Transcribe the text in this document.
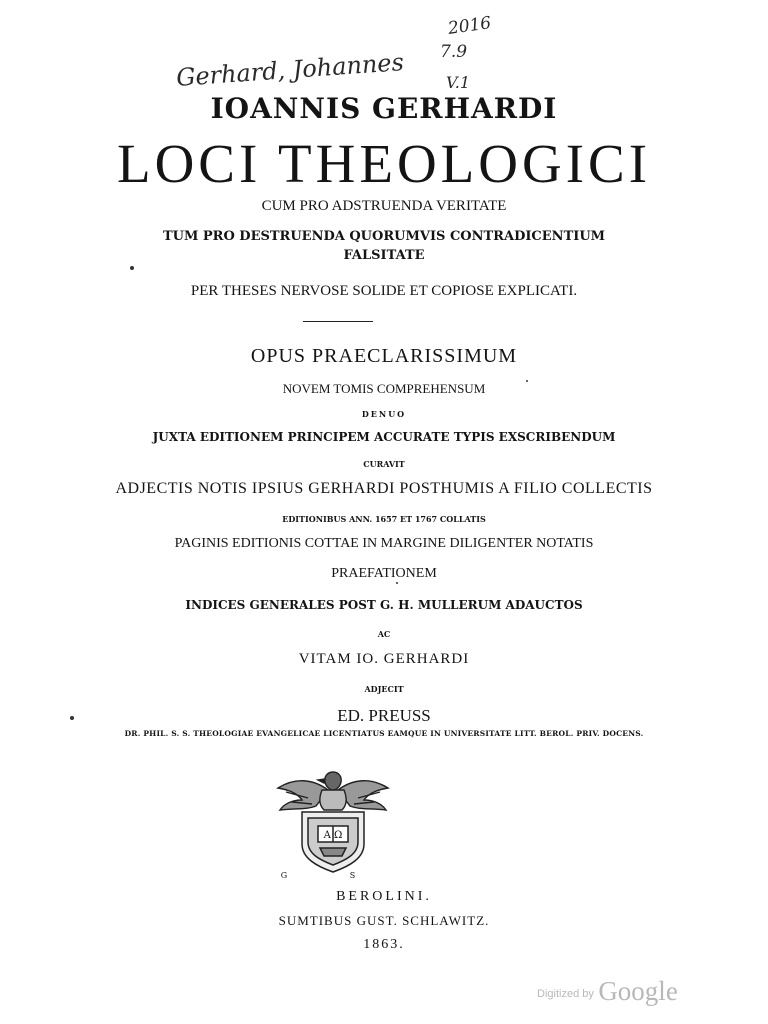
Gerhard, Johannes
2016
7.9
V.1
IOANNIS GERHARDI
LOCI THEOLOGICI
CUM PRO ADSTRUENDA VERITATE
TUM PRO DESTRUENDA QUORUMVIS CONTRADICENTIUM
FALSITATE
PER THESES NERVOSE SOLIDE ET COPIOSE EXPLICATI.
OPUS PRAECLARISSIMUM
NOVEM TOMIS COMPREHENSUM
DENUO
JUXTA EDITIONEM PRINCIPEM ACCURATE TYPIS EXSCRIBENDUM
CURAVIT
ADJECTIS NOTIS IPSIUS GERHARDI POSTHUMIS A FILIO COLLECTIS
EDITIONIBUS ANN. 1657 ET 1767 COLLATIS
PAGINIS EDITIONIS COTTAE IN MARGINE DILIGENTER NOTATIS
PRAEFATIONEM
INDICES GENERALES POST G. H. MULLERUM ADAUCTOS
AC
VITAM IO. GERHARDI
ADJECIT
ED. PREUSS
DR. PHIL. S. S. THEOLOGIAE EVANGELICAE LICENTIATUS EAMQUE IN UNIVERSITATE LITT. BEROL. PRIV. DOCENS.
A Ω
G S
BEROLINI.
SUMTIBUS GUST. SCHLAWITZ.
1863.
Digitized by Google
